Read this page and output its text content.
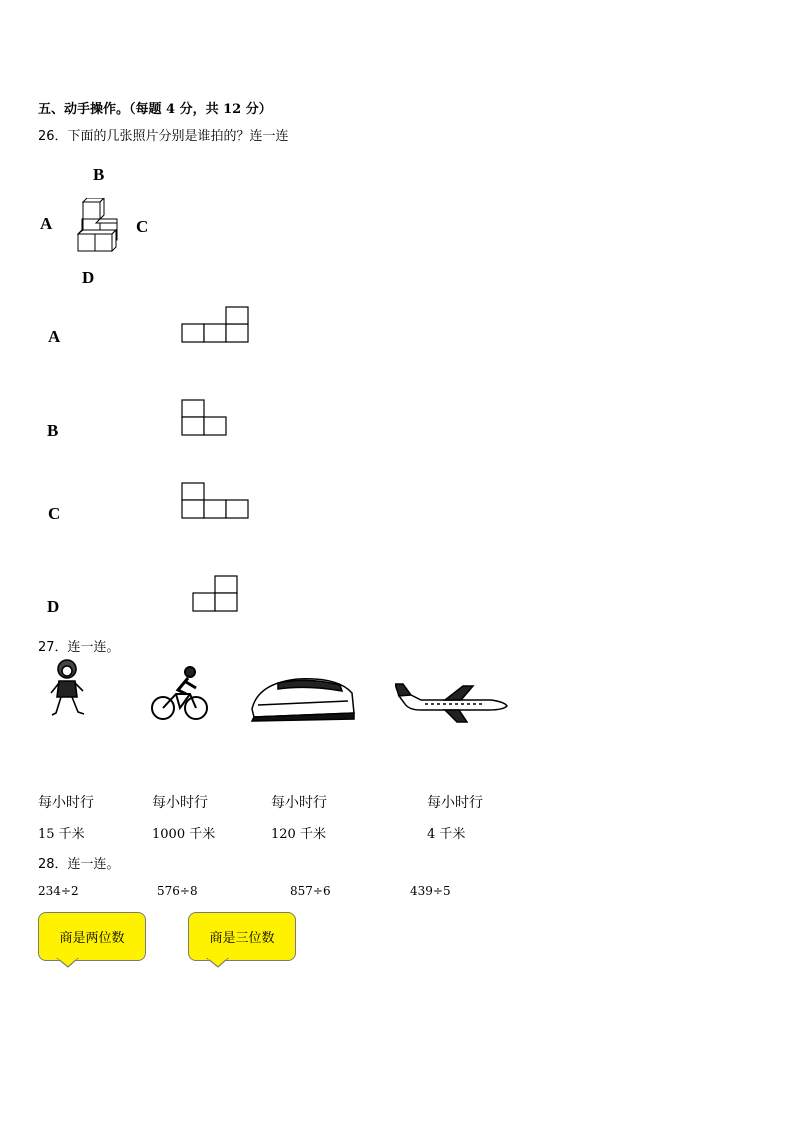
五、动手操作。（每题 4 分，共 12 分）
26．下面的几张照片分别是谁拍的？连一连
B
A	C
D
A
B
C
D
27．连一连。
每小时行
15 千米
每小时行
1000 千米
每小时行
120 千米
每小时行
4 千米
28．连一连。
234÷2	576÷8	857÷6	439÷5
商是两位数	商是三位数
